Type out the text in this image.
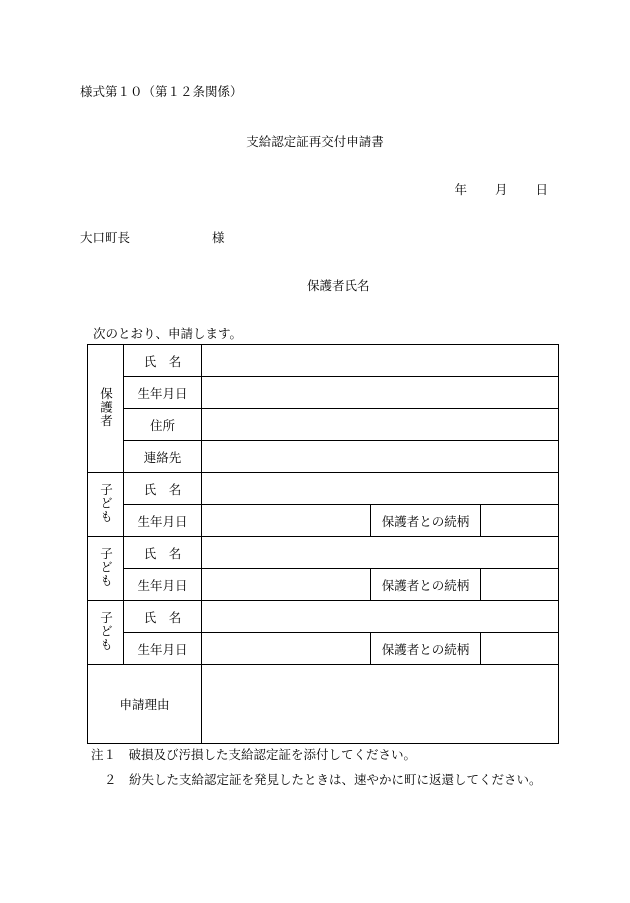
様式第１０（第１２条関係）
支給認定証再交付申請書
年 月 日
大口町長	様
保護者氏名
次のとおり、申請します。
保護者	氏　名			
	生年月日			
	住所			
	連絡先			
子ども	氏　名			
	生年月日		保護者との続柄	
子ども	氏　名			
	生年月日		保護者との続柄	
子ども	氏　名			
	生年月日		保護者との続柄	
申請理由				
注１　破損及び汚損した支給認定証を添付してください。
２　紛失した支給認定証を発見したときは、速やかに町に返還してください。
